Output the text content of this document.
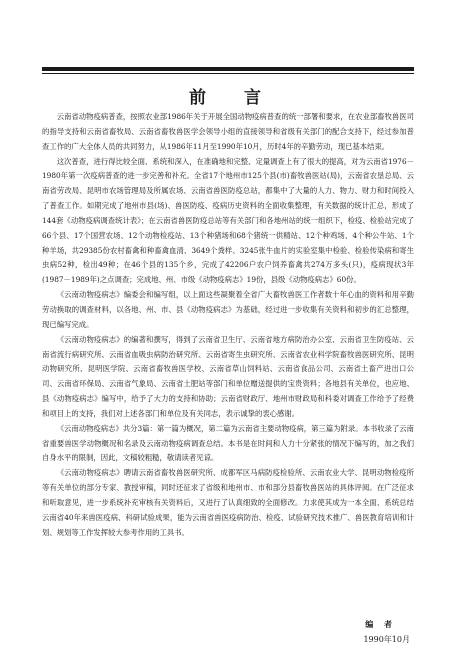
前 言

云南省动物疫病普查，按照农业部1986年关于开展全国动物疫病普查的统一部署和要求，在农业部畜牧兽医司的指导支持和云南省畜牧局、云南省畜牧兽医学会领导小组的直接领导和省级有关部门的配合支持下，经过参加普查工作的广大全体人员的共同努力，从1986年11月至1990年10月，历时4年的辛勤劳动，现已基本结束。

这次普查，进行得比较全面、系统和深入，在准确地和完整、定量调查上有了很大的提高，对为云南省1976－1980年第一次疫病普查的进一步完善和补充。全省17个地州市125个县(市)畜牧兽医站(局)，云南省农垦总局、云南省劳改局、昆明市农场管理局及所属农场、云南省兽医防疫总站，都集中了大量的人力、物力、财力和时间投入了普查工作。如期完成了地州市县(场)、兽医防疫、疫病历史资料的全面收集整理，有关数据的统计汇总，形成了144套《动物疫病调查统计表》；在云南省兽医防疫总站等有关部门和各地州站的统一组织下，检疫、检验站完成了66个县、17个国营农场、12个动物检疫站、13个种猪场和68个猪统一供精站、12个种鸡场、4个种公牛站、1个种羊场，共29385份农村畜禽和种畜禽血清、3649个粪样、3245张牛血片的实验室集中检验、检验传染病和寄生虫病52种，检出49种；在46个县的135个乡，完成了42206户农户饲养畜禽共274万多头(只)，疫病现状3年(1987－1989年)之点调查；完成地、州、市级《动物疫病志》19份，县级《动物疫病志》60份。

《云南动物疫病志》编委会和编写组，以上面这些凝聚着全省广大畜牧兽医工作者数十年心血的资料和用辛勤劳动换取的调查材料，以各地、州、市、县《动物疫病志》为基础，经过进一步收集有关资料和初步的汇总整理，现已编写完成。

《云南动物疫病志》的编著和撰写，得到了云南省卫生厅、云南省地方病防治办公室、云南省卫生防疫站、云南省流行病研究所、云南省血吸虫病防治研究所、云南省寄生虫研究所、云南省农业科学院畜牧兽医研究所、昆明动物研究所、昆明医学院、云南省畜牧兽医学校、云南省草山饲料站、云南省食品公司、云南省土畜产进出口公司、云南省环保局、云南省气象局、云南省土肥站等部门和单位赠送提供的宝贵资料；各地县有关单位，也应地、县《动物疫病志》编写中，给予了大力的支持和协助；云南省财政厅、地州市财政局和科委对调查工作给予了经费和项目上的支持，我们对上述各部门和单位及有关同志，表示诚挚的衷心感谢。

《云南动物疫病志》共分3篇：第一篇为概况，第二篇为云南省主要动物疫病，第三篇为附录。本书收录了云南省重要兽医学动物概况和名录及云南动物疫病调查总结。本书是在时间和人力十分紧张的情况下编写的，加之我们自身水平的限制，因此，文稿较粗糙，敬请读者见谅。

《云南动物疫病志》聘请云南省畜牧兽医研究所、成都军区马病防疫检验所、云南农业大学、昆明动物检疫所等有关单位的部分专家、教授审稿，同时还征求了省级和地州市、市和部分县畜牧兽医站的具体评阅。在广泛征求和听取意见，进一步系统补充审核有关资料后，又进行了认真细致的全面修改。力求使其成为一本全面、系统总结云南省40年来兽医疫病、科研试验成果，能为云南省兽医疫病防治、检疫、试验研究技术推广、兽医教育培训和计划、规划等工作发挥较大参考作用的工具书。

编 者
1990年10月
